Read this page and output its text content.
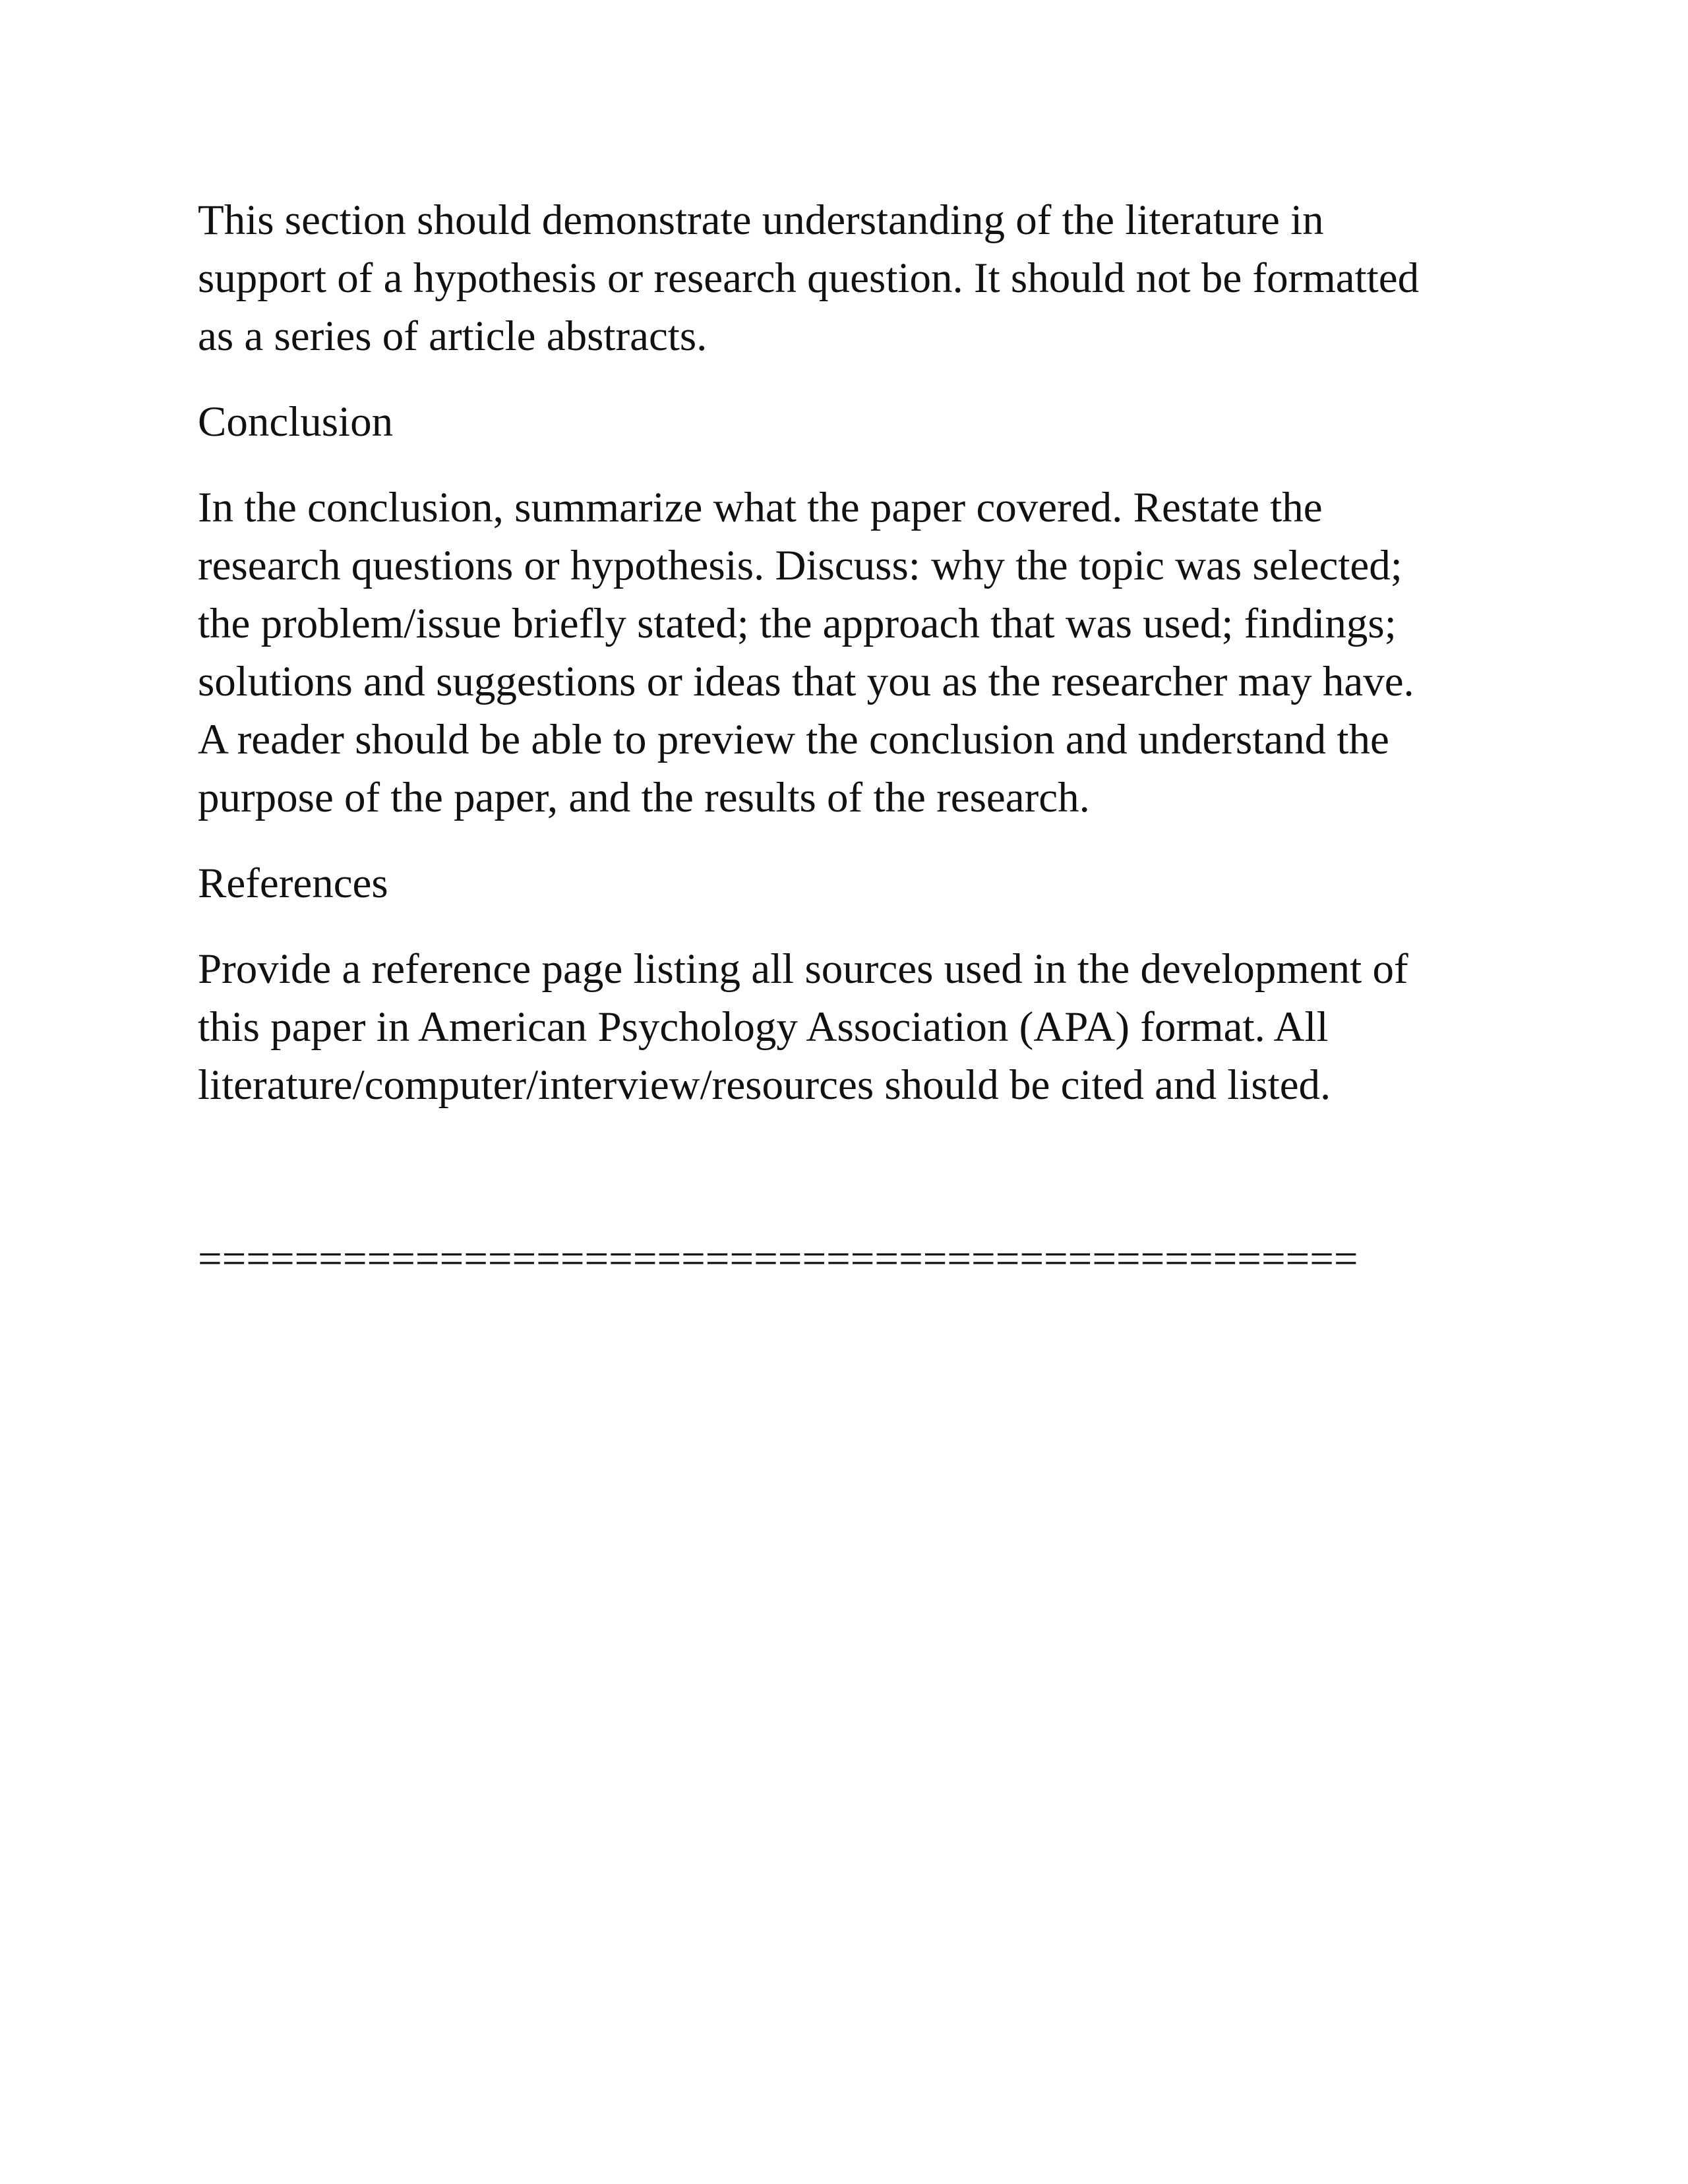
This section should demonstrate understanding of the literature in
support of a hypothesis or research question. It should not be formatted
as a series of article abstracts.

Conclusion

In the conclusion, summarize what the paper covered. Restate the
research questions or hypothesis. Discuss: why the topic was selected;
the problem/issue briefly stated; the approach that was used; findings;
solutions and suggestions or ideas that you as the researcher may have.
A reader should be able to preview the conclusion and understand the
purpose of the paper, and the results of the research.

References

Provide a reference page listing all sources used in the development of
this paper in American Psychology Association (APA) format. All
literature/computer/interview/resources should be cited and listed.

================================================
